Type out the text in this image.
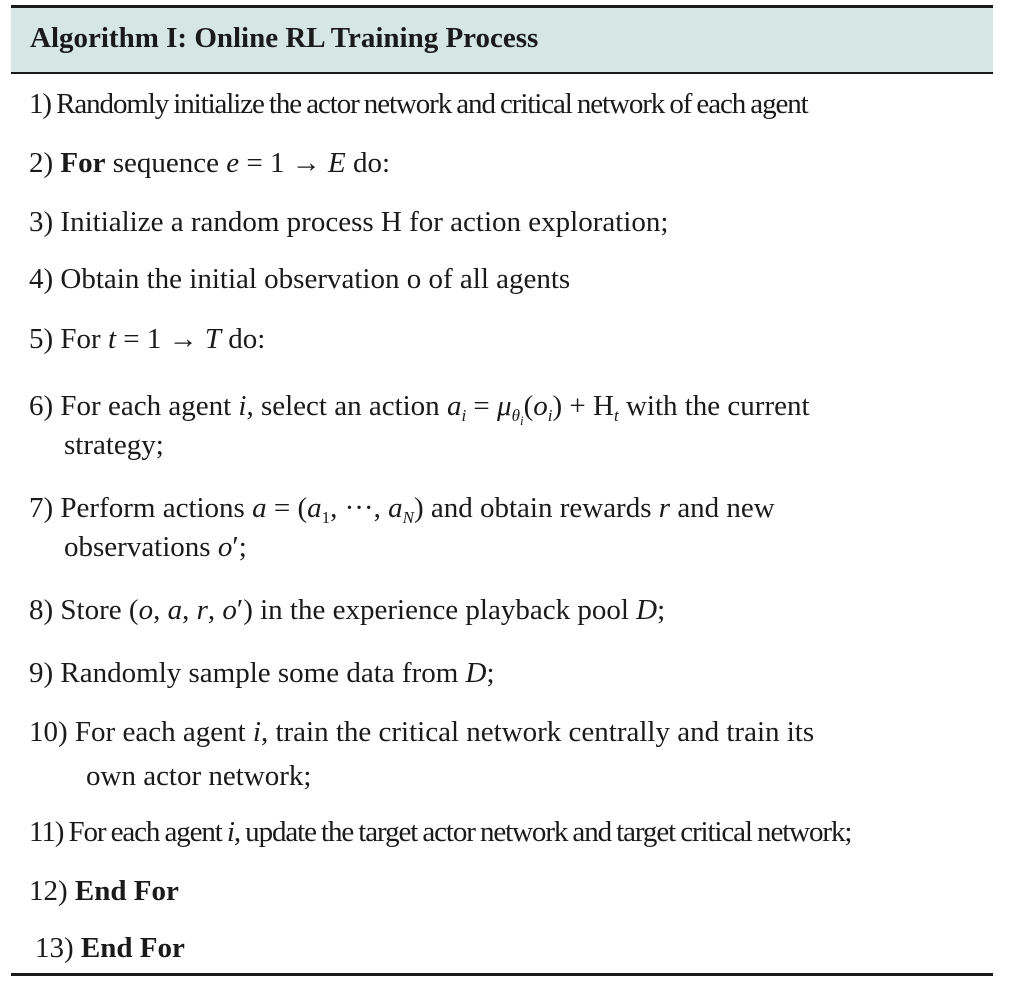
Algorithm I: Online RL Training Process
1) Randomly initialize the actor network and critical network of each agent
2) For sequence e = 1 → E do:
3) Initialize a random process H for action exploration;
4) Obtain the initial observation o of all agents
5) For t = 1 → T do:
6) For each agent i, select an action $a_i = \mu_{\theta_i}(o_i) + H_t$ with the current
strategy;
7) Perform actions $a = (a_1$, ···, $a_N$) and obtain rewards r and new
observations o′;
8) Store (o, a, r, o′) in the experience playback pool D;
9) Randomly sample some data from D;
10) For each agent i, train the critical network centrally and train its
own actor network;
11) For each agent i, update the target actor network and target critical network;
12) End For
13) End For
